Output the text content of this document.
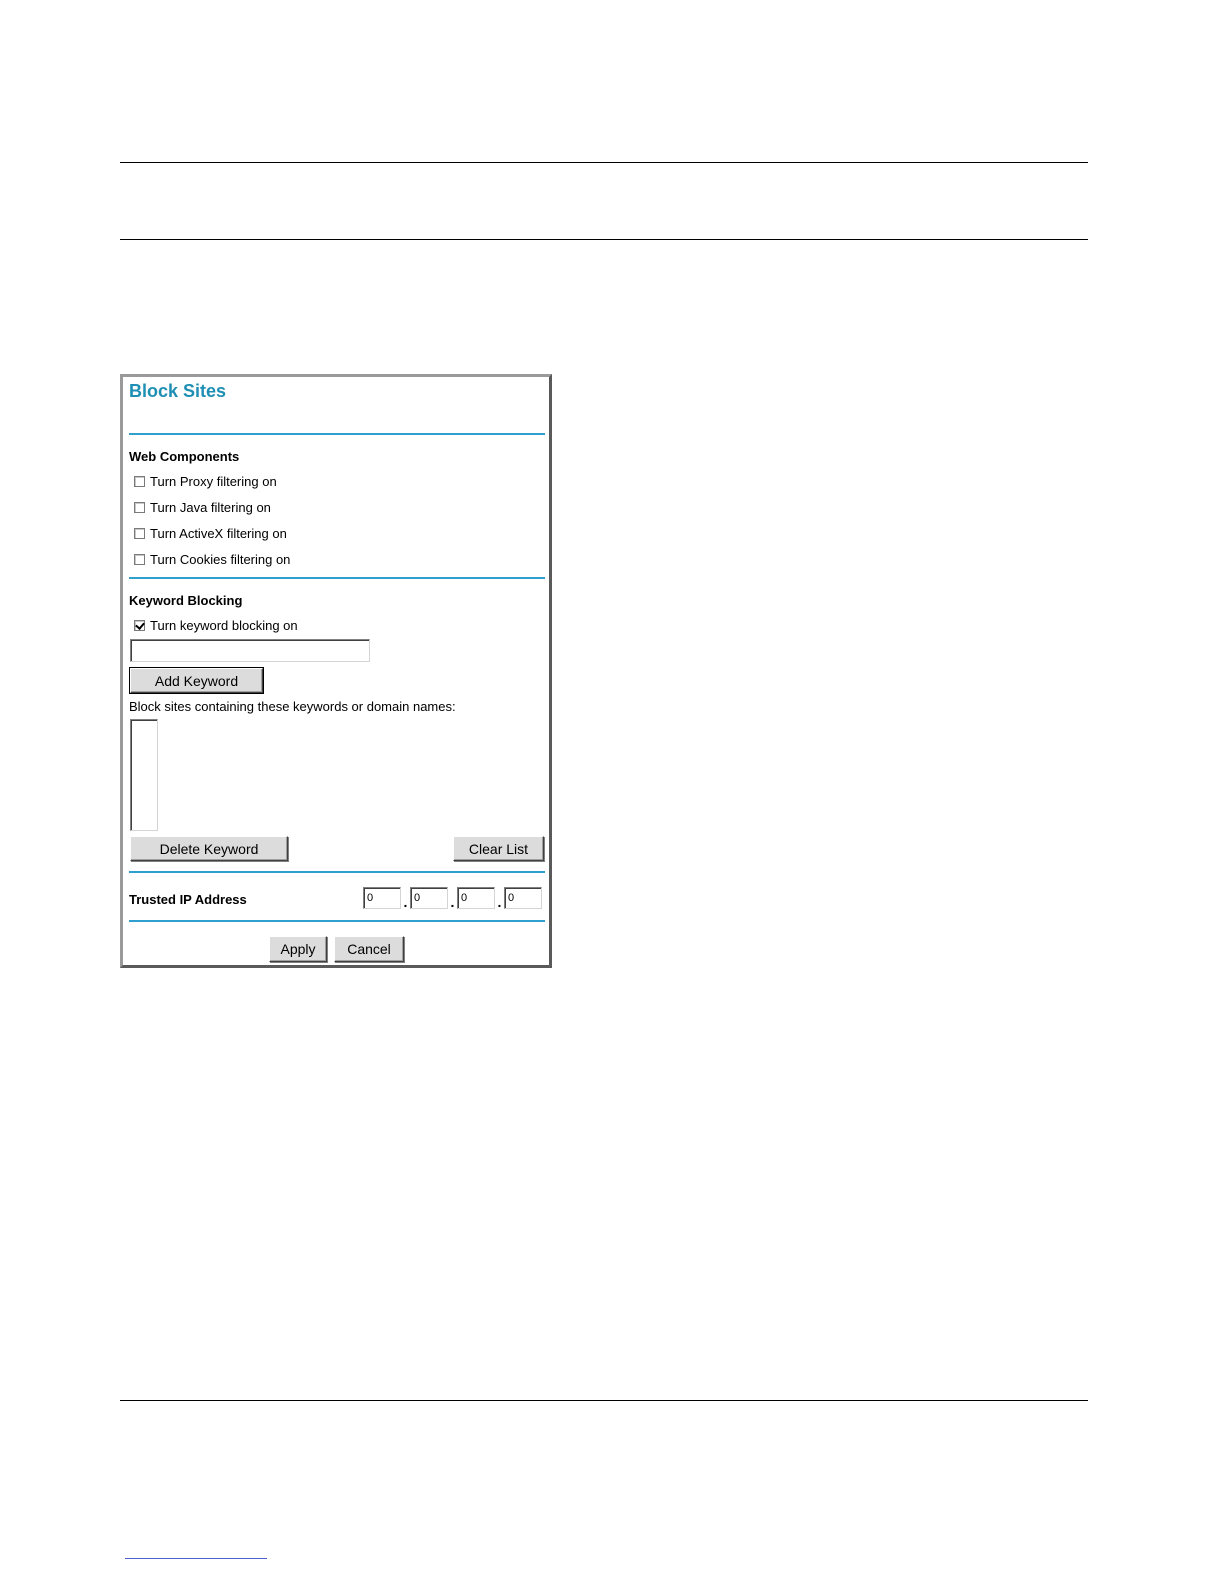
Block Sites
Web Components
Turn Proxy filtering on
Turn Java filtering on
Turn ActiveX filtering on
Turn Cookies filtering on
Keyword Blocking
Turn keyword blocking on
Add Keyword
Block sites containing these keywords or domain names:
Delete Keyword	Clear List
Trusted IP Address	0	. 0	. 0	. 0
Apply	Cancel
